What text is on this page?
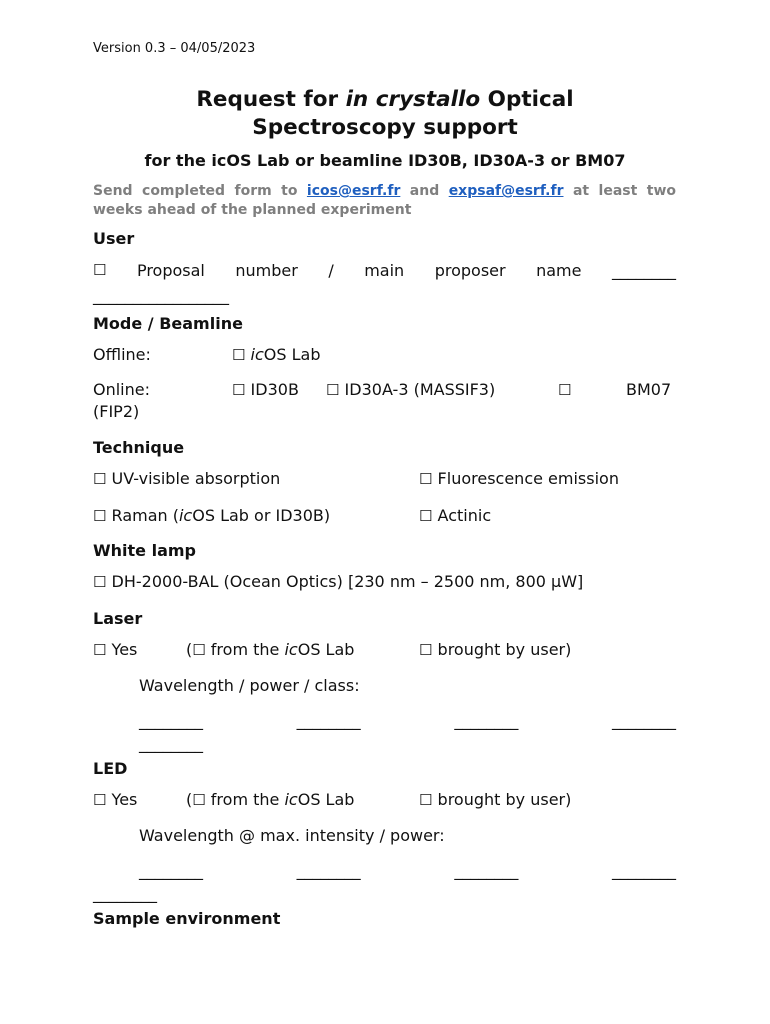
Version 0.3 – 04/05/2023
Request for in crystallo Optical
Spectroscopy support
for the icOS Lab or beamline ID30B, ID30A-3 or BM07
Send completed form to icos@esrf.fr and expsaf@esrf.fr at least two weeks ahead of the planned experiment
User
☐ Proposal number / main proposer name ________
_________________
Mode / Beamline
Offline:	☐ icOS Lab
Online:	☐ ID30B ☐ ID30A-3 (MASSIF3)	☐	BM07
(FIP2)
Technique
☐ UV-visible absorption	☐ Fluorescence emission
☐ Raman (icOS Lab or ID30B)	☐ Actinic
White lamp
☐ DH-2000-BAL (Ocean Optics) [230 nm – 2500 nm, 800 µW]
Laser
☐ Yes	(☐ from the icOS Lab	☐ brought by user)
Wavelength / power / class:
________	________	________	________
________
LED
☐ Yes	(☐ from the icOS Lab	☐ brought by user)
Wavelength @ max. intensity / power:
________	________	________	________
________
Sample environment
